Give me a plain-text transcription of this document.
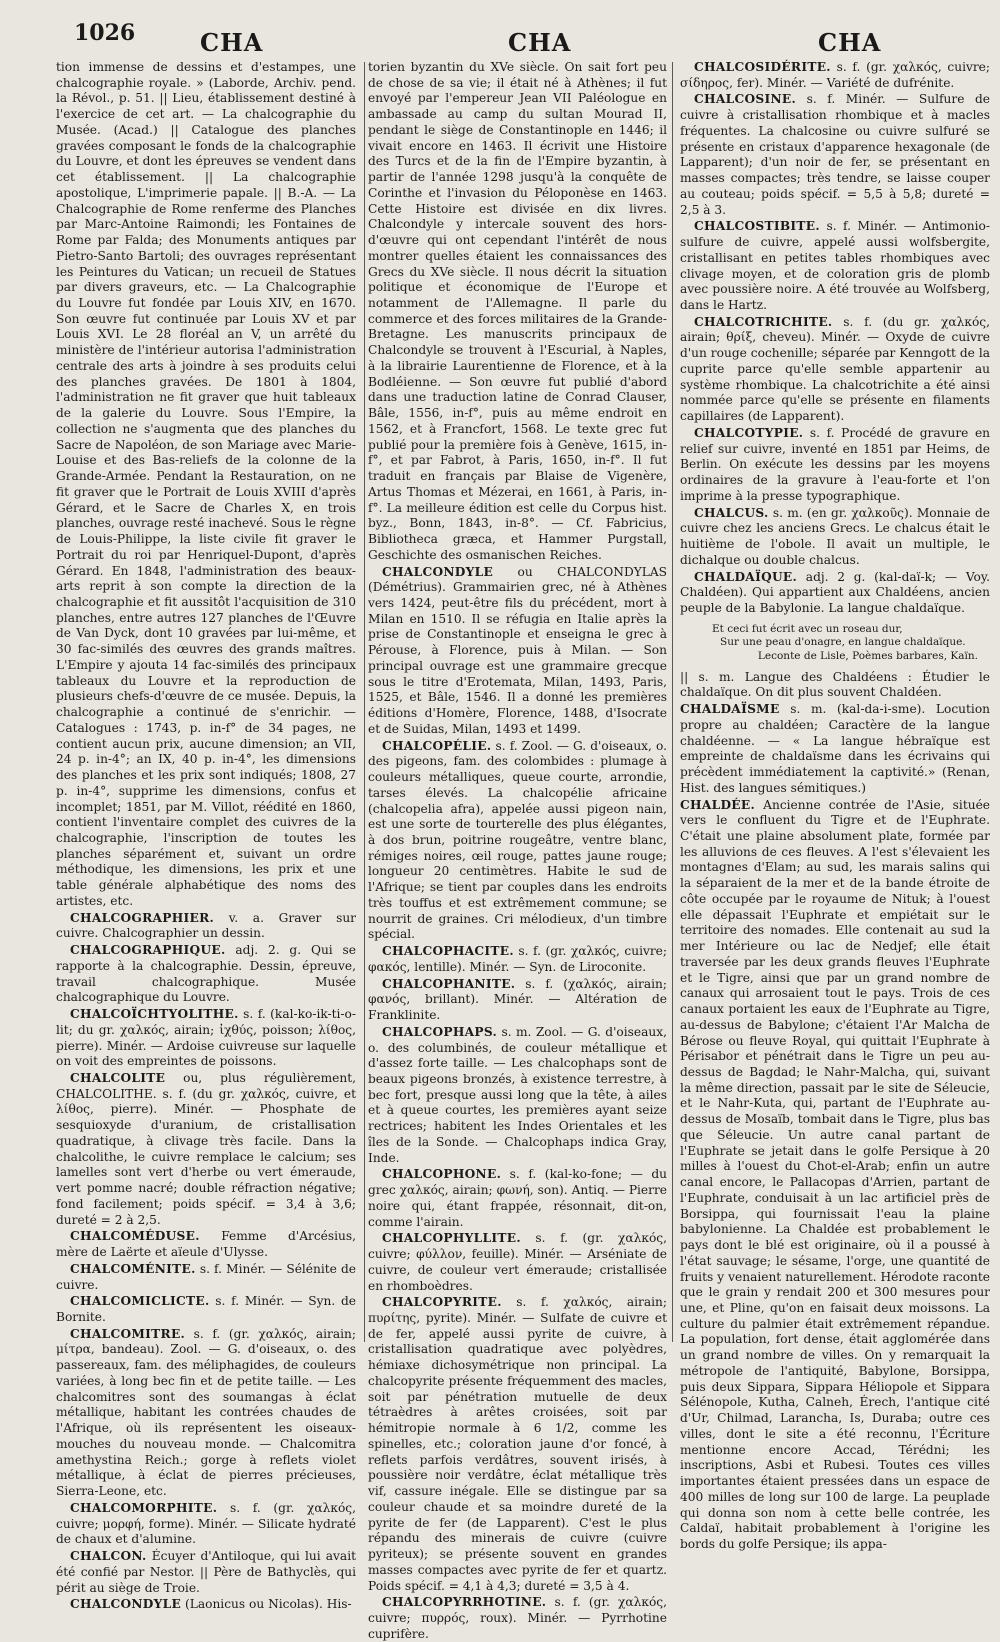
1026	CHA	CHA	CHA

tion immense de dessins et d'estampes, une chalcographie royale. » (Laborde, Archiv. pend. la Révol., p. 51. || Lieu, établissement destiné à l'exercice de cet art. — La chalcographie du Musée. (Acad.) || Catalogue des planches gravées composant le fonds de la chalcographie du Louvre, et dont les épreuves se vendent dans cet établissement. || La chalcographie apostolique, L'imprimerie papale. || B.-A. — La Chalcographie de Rome renferme des Planches par Marc-Antoine Raimondi; les Fontaines de Rome par Falda; des Monuments antiques par Pietro-Santo Bartoli; des ouvrages représentant les Peintures du Vatican; un recueil de Statues par divers graveurs, etc. — La Chalcographie du Louvre fut fondée par Louis XIV, en 1670. Son œuvre fut continuée par Louis XV et par Louis XVI. Le 28 floréal an V, un arrêté du ministère de l'intérieur autorisa l'administration centrale des arts à joindre à ses produits celui des planches gravées. De 1801 à 1804, l'administration ne fit graver que huit tableaux de la galerie du Louvre. Sous l'Empire, la collection ne s'augmenta que des planches du Sacre de Napoléon, de son Mariage avec Marie-Louise et des Bas-reliefs de la colonne de la Grande-Armée. Pendant la Restauration, on ne fit graver que le Portrait de Louis XVIII d'après Gérard, et le Sacre de Charles X, en trois planches, ouvrage resté inachevé. Sous le règne de Louis-Philippe, la liste civile fit graver le Portrait du roi par Henriquel-Dupont, d'après Gérard. En 1848, l'administration des beaux-arts reprit à son compte la direction de la chalcographie et fit aussitôt l'acquisition de 310 planches, entre autres 127 planches de l'Œuvre de Van Dyck, dont 10 gravées par lui-même, et 30 fac-similés des œuvres des grands maîtres. L'Empire y ajouta 14 fac-similés des principaux tableaux du Louvre et la reproduction de plusieurs chefs-d'œuvre de ce musée. Depuis, la chalcographie a continué de s'enrichir. — Catalogues : 1743, p. in-f° de 34 pages, ne contient aucun prix, aucune dimension; an VII, 24 p. in-4°; an IX, 40 p. in-4°, les dimensions des planches et les prix sont indiqués; 1808, 27 p. in-4°, supprime les dimensions, confus et incomplet; 1851, par M. Villot, réédité en 1860, contient l'inventaire complet des cuivres de la chalcographie, l'inscription de toutes les planches séparément et, suivant un ordre méthodique, les dimensions, les prix et une table générale alphabétique des noms des artistes, etc.

CHALCOGRAPHIER. v. a. Graver sur cuivre. Chalcographier un dessin.

CHALCOGRAPHIQUE. adj. 2. g. Qui se rapporte à la chalcographie. Dessin, épreuve, travail chalcographique. Musée chalcographique du Louvre.

CHALCOÏCHTYOLITHE. s. f. (kal-ko-ik-ti-o-lit; du gr. χαλκός, airain; ἰχθύς, poisson; λίθος, pierre). Minér. — Ardoise cuivreuse sur laquelle on voit des empreintes de poissons.

CHALCOLITE ou, plus régulièrement, CHALCOLITHE. s. f. (du gr. χαλκός, cuivre, et λίθος, pierre). Minér. — Phosphate de sesquioxyde d'uranium, de cristallisation quadratique, à clivage très facile. Dans la chalcolithe, le cuivre remplace le calcium; ses lamelles sont vert d'herbe ou vert émeraude, vert pomme nacré; double réfraction négative; fond facilement; poids spécif. = 3,4 à 3,6; dureté = 2 à 2,5.

CHALCOMÉDUSE. Femme d'Arcésius, mère de Laërte et aïeule d'Ulysse.

CHALCOMÉNITE. s. f. Minér. — Sélénite de cuivre.

CHALCOMICLICTE. s. f. Minér. — Syn. de Bornite.

CHALCOMITRE. s. f. (gr. χαλκός, airain; μίτρα, bandeau). Zool. — G. d'oiseaux, o. des passereaux, fam. des méliphagides, de couleurs variées, à long bec fin et de petite taille. — Les chalcomitres sont des soumangas à éclat métallique, habitant les contrées chaudes de l'Afrique, où ils représentent les oiseaux-mouches du nouveau monde. — Chalcomitra amethystina Reich.; gorge à reflets violet métallique, à éclat de pierres précieuses, Sierra-Leone, etc.

CHALCOMORPHITE. s. f. (gr. χαλκός, cuivre; μορφή, forme). Minér. — Silicate hydraté de chaux et d'alumine.

CHALCON. Écuyer d'Antiloque, qui lui avait été confié par Nestor. || Père de Bathyclès, qui périt au siège de Troie.

CHALCONDYLE (Laonicus ou Nicolas). His-

torien byzantin du XVe siècle. On sait fort peu de chose de sa vie; il était né à Athènes; il fut envoyé par l'empereur Jean VII Paléologue en ambassade au camp du sultan Mourad II, pendant le siège de Constantinople en 1446; il vivait encore en 1463. Il écrivit une Histoire des Turcs et de la fin de l'Empire byzantin, à partir de l'année 1298 jusqu'à la conquête de Corinthe et l'invasion du Péloponèse en 1463. Cette Histoire est divisée en dix livres. Chalcondyle y intercale souvent des hors-d'œuvre qui ont cependant l'intérêt de nous montrer quelles étaient les connaissances des Grecs du XVe siècle. Il nous décrit la situation politique et économique de l'Europe et notamment de l'Allemagne. Il parle du commerce et des forces militaires de la Grande-Bretagne. Les manuscrits principaux de Chalcondyle se trouvent à l'Escurial, à Naples, à la librairie Laurentienne de Florence, et à la Bodléienne. — Son œuvre fut publié d'abord dans une traduction latine de Conrad Clauser, Bâle, 1556, in-f°, puis au même endroit en 1562, et à Francfort, 1568. Le texte grec fut publié pour la première fois à Genève, 1615, in-f°, et par Fabrot, à Paris, 1650, in-f°. Il fut traduit en français par Blaise de Vigenère, Artus Thomas et Mézerai, en 1661, à Paris, in-f°. La meilleure édition est celle du Corpus hist. byz., Bonn, 1843, in-8°. — Cf. Fabricius, Bibliotheca græca, et Hammer Purgstall, Geschichte des osmanischen Reiches.

CHALCONDYLE ou CHALCONDYLAS (Démétrius). Grammairien grec, né à Athènes vers 1424, peut-être fils du précédent, mort à Milan en 1510. Il se réfugia en Italie après la prise de Constantinople et enseigna le grec à Pérouse, à Florence, puis à Milan. — Son principal ouvrage est une grammaire grecque sous le titre d'Erotemata, Milan, 1493, Paris, 1525, et Bâle, 1546. Il a donné les premières éditions d'Homère, Florence, 1488, d'Isocrate et de Suidas, Milan, 1493 et 1499.

CHALCOPÉLIE. s. f. Zool. — G. d'oiseaux, o. des pigeons, fam. des colombides : plumage à couleurs métalliques, queue courte, arrondie, tarses élevés. La chalcopélie africaine (chalcopelia afra), appelée aussi pigeon nain, est une sorte de tourterelle des plus élégantes, à dos brun, poitrine rougeâtre, ventre blanc, rémiges noires, œil rouge, pattes jaune rouge; longueur 20 centimètres. Habite le sud de l'Afrique; se tient par couples dans les endroits très touffus et est extrêmement commune; se nourrit de graines. Cri mélodieux, d'un timbre spécial.

CHALCOPHACITE. s. f. (gr. χαλκός, cuivre; φακός, lentille). Minér. — Syn. de Liroconite.

CHALCOPHANITE. s. f. (χαλκός, airain; φανός, brillant). Minér. — Altération de Franklinite.

CHALCOPHAPS. s. m. Zool. — G. d'oiseaux, o. des columbinés, de couleur métallique et d'assez forte taille. — Les chalcophaps sont de beaux pigeons bronzés, à existence terrestre, à bec fort, presque aussi long que la tête, à ailes et à queue courtes, les premières ayant seize rectrices; habitent les Indes Orientales et les îles de la Sonde. — Chalcophaps indica Gray, Inde.

CHALCOPHONE. s. f. (kal-ko-fone; — du grec χαλκός, airain; φωνή, son). Antiq. — Pierre noire qui, étant frappée, résonnait, dit-on, comme l'airain.

CHALCOPHYLLITE. s. f. (gr. χαλκός, cuivre; φύλλον, feuille). Minér. — Arséniate de cuivre, de couleur vert émeraude; cristallisée en rhomboèdres.

CHALCOPYRITE. s. f. χαλκός, airain; πυρίτης, pyrite). Minér. — Sulfate de cuivre et de fer, appelé aussi pyrite de cuivre, à cristallisation quadratique avec polyèdres, hémiaxe dichosymétrique non principal. La chalcopyrite présente fréquemment des macles, soit par pénétration mutuelle de deux tétraèdres à arêtes croisées, soit par hémitropie normale à 6 1/2, comme les spinelles, etc.; coloration jaune d'or foncé, à reflets parfois verdâtres, souvent irisés, à poussière noir verdâtre, éclat métallique très vif, cassure inégale. Elle se distingue par sa couleur chaude et sa moindre dureté de la pyrite de fer (de Lapparent). C'est le plus répandu des minerais de cuivre (cuivre pyriteux); se présente souvent en grandes masses compactes avec pyrite de fer et quartz. Poids spécif. = 4,1 à 4,3; dureté = 3,5 à 4.

CHALCOPYRRHOTINE. s. f. (gr. χαλκός, cuivre; πυρρός, roux). Minér. — Pyrrhotine cuprifère.

CHALCOSIDÉRITE. s. f. (gr. χαλκός, cuivre; σίδηρος, fer). Minér. — Variété de dufrénite.

CHALCOSINE. s. f. Minér. — Sulfure de cuivre à cristallisation rhombique et à macles fréquentes. La chalcosine ou cuivre sulfuré se présente en cristaux d'apparence hexagonale (de Lapparent); d'un noir de fer, se présentant en masses compactes; très tendre, se laisse couper au couteau; poids spécif. = 5,5 à 5,8; dureté = 2,5 à 3.

CHALCOSTIBITE. s. f. Minér. — Antimonio-sulfure de cuivre, appelé aussi wolfsbergite, cristallisant en petites tables rhombiques avec clivage moyen, et de coloration gris de plomb avec poussière noire. A été trouvée au Wolfsberg, dans le Hartz.

CHALCOTRICHITE. s. f. (du gr. χαλκός, airain; θρίξ, cheveu). Minér. — Oxyde de cuivre d'un rouge cochenille; séparée par Kenngott de la cuprite parce qu'elle semble appartenir au système rhombique. La chalcotrichite a été ainsi nommée parce qu'elle se présente en filaments capillaires (de Lapparent).

CHALCOTYPIE. s. f. Procédé de gravure en relief sur cuivre, inventé en 1851 par Heims, de Berlin. On exécute les dessins par les moyens ordinaires de la gravure à l'eau-forte et l'on imprime à la presse typographique.

CHALCUS. s. m. (en gr. χαλκοῦς). Monnaie de cuivre chez les anciens Grecs. Le chalcus était le huitième de l'obole. Il avait un multiple, le dichalque ou double chalcus.

CHALDAÏQUE. adj. 2 g. (kal-daï-k; — Voy. Chaldéen). Qui appartient aux Chaldéens, ancien peuple de la Babylonie. La langue chaldaïque.

Et ceci fut écrit avec un roseau dur,
Sur une peau d'onagre, en langue chaldaïque.
Leconte de Lisle, Poèmes barbares, Kaïn.

|| s. m. Langue des Chaldéens : Étudier le chaldaïque. On dit plus souvent Chaldéen.

CHALDAÏSME s. m. (kal-da-i-sme). Locution propre au chaldéen; Caractère de la langue chaldéenne. — « La langue hébraïque est empreinte de chaldaïsme dans les écrivains qui précèdent immédiatement la captivité.» (Renan, Hist. des langues sémitiques.)

CHALDÉE. Ancienne contrée de l'Asie, située vers le confluent du Tigre et de l'Euphrate. C'était une plaine absolument plate, formée par les alluvions de ces fleuves. A l'est s'élevaient les montagnes d'Elam; au sud, les marais salins qui la séparaient de la mer et de la bande étroite de côte occupée par le royaume de Nituk; à l'ouest elle dépassait l'Euphrate et empiétait sur le territoire des nomades. Elle contenait au sud la mer Intérieure ou lac de Nedjef; elle était traversée par les deux grands fleuves l'Euphrate et le Tigre, ainsi que par un grand nombre de canaux qui arrosaient tout le pays. Trois de ces canaux portaient les eaux de l'Euphrate au Tigre, au-dessus de Babylone; c'étaient l'Ar Malcha de Bérose ou fleuve Royal, qui quittait l'Euphrate à Périsabor et pénétrait dans le Tigre un peu au-dessus de Bagdad; le Nahr-Malcha, qui, suivant la même direction, passait par le site de Séleucie, et le Nahr-Kuta, qui, partant de l'Euphrate au-dessus de Mosaïb, tombait dans le Tigre, plus bas que Séleucie. Un autre canal partant de l'Euphrate se jetait dans le golfe Persique à 20 milles à l'ouest du Chot-el-Arab; enfin un autre canal encore, le Pallacopas d'Arrien, partant de l'Euphrate, conduisait à un lac artificiel près de Borsippa, qui fournissait l'eau la plaine babylonienne. La Chaldée est probablement le pays dont le blé est originaire, où il a poussé à l'état sauvage; le sésame, l'orge, une quantité de fruits y venaient naturellement. Hérodote raconte que le grain y rendait 200 et 300 mesures pour une, et Pline, qu'on en faisait deux moissons. La culture du palmier était extrêmement répandue. La population, fort dense, était agglomérée dans un grand nombre de villes. On y remarquait la métropole de l'antiquité, Babylone, Borsippa, puis deux Sippara, Sippara Héliopole et Sippara Sélénopole, Kutha, Calneh, Érech, l'antique cité d'Ur, Chilmad, Larancha, Is, Duraba; outre ces villes, dont le site a été reconnu, l'Écriture mentionne encore Accad, Térédni; les inscriptions, Asbi et Rubesi. Toutes ces villes importantes étaient pressées dans un espace de 400 milles de long sur 100 de large. La peuplade qui donna son nom à cette belle contrée, les Caldaï, habitait probablement à l'origine les bords du golfe Persique; ils appa-
